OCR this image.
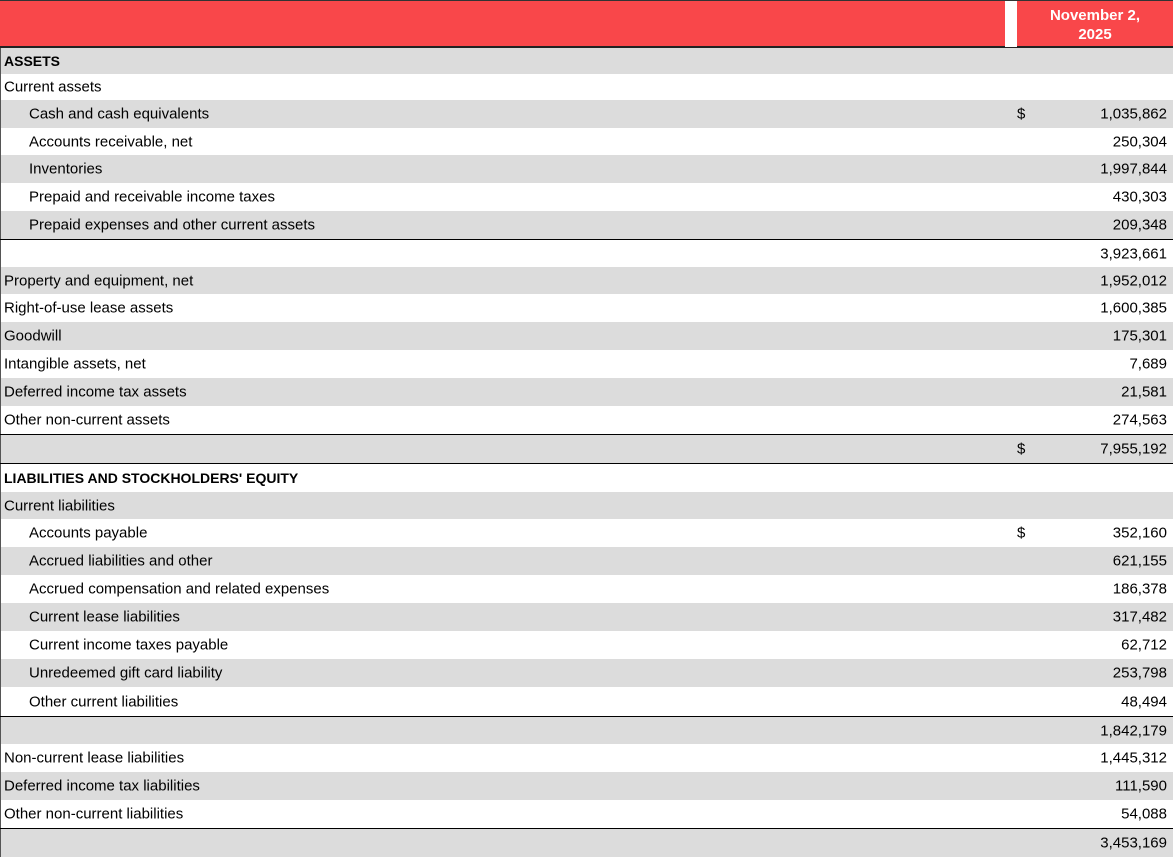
November 2,
2025
ASSETS
Current assets
Cash and cash equivalents	$	1,035,862
Accounts receivable, net	250,304
Inventories	1,997,844
Prepaid and receivable income taxes	430,303
Prepaid expenses and other current assets	209,348
3,923,661
Property and equipment, net	1,952,012
Right-of-use lease assets	1,600,385
Goodwill	175,301
Intangible assets, net	7,689
Deferred income tax assets	21,581
Other non-current assets	274,563
$	7,955,192
LIABILITIES AND STOCKHOLDERS' EQUITY
Current liabilities
Accounts payable	$	352,160
Accrued liabilities and other	621,155
Accrued compensation and related expenses	186,378
Current lease liabilities	317,482
Current income taxes payable	62,712
Unredeemed gift card liability	253,798
Other current liabilities	48,494
1,842,179
Non-current lease liabilities	1,445,312
Deferred income tax liabilities	111,590
Other non-current liabilities	54,088
3,453,169
